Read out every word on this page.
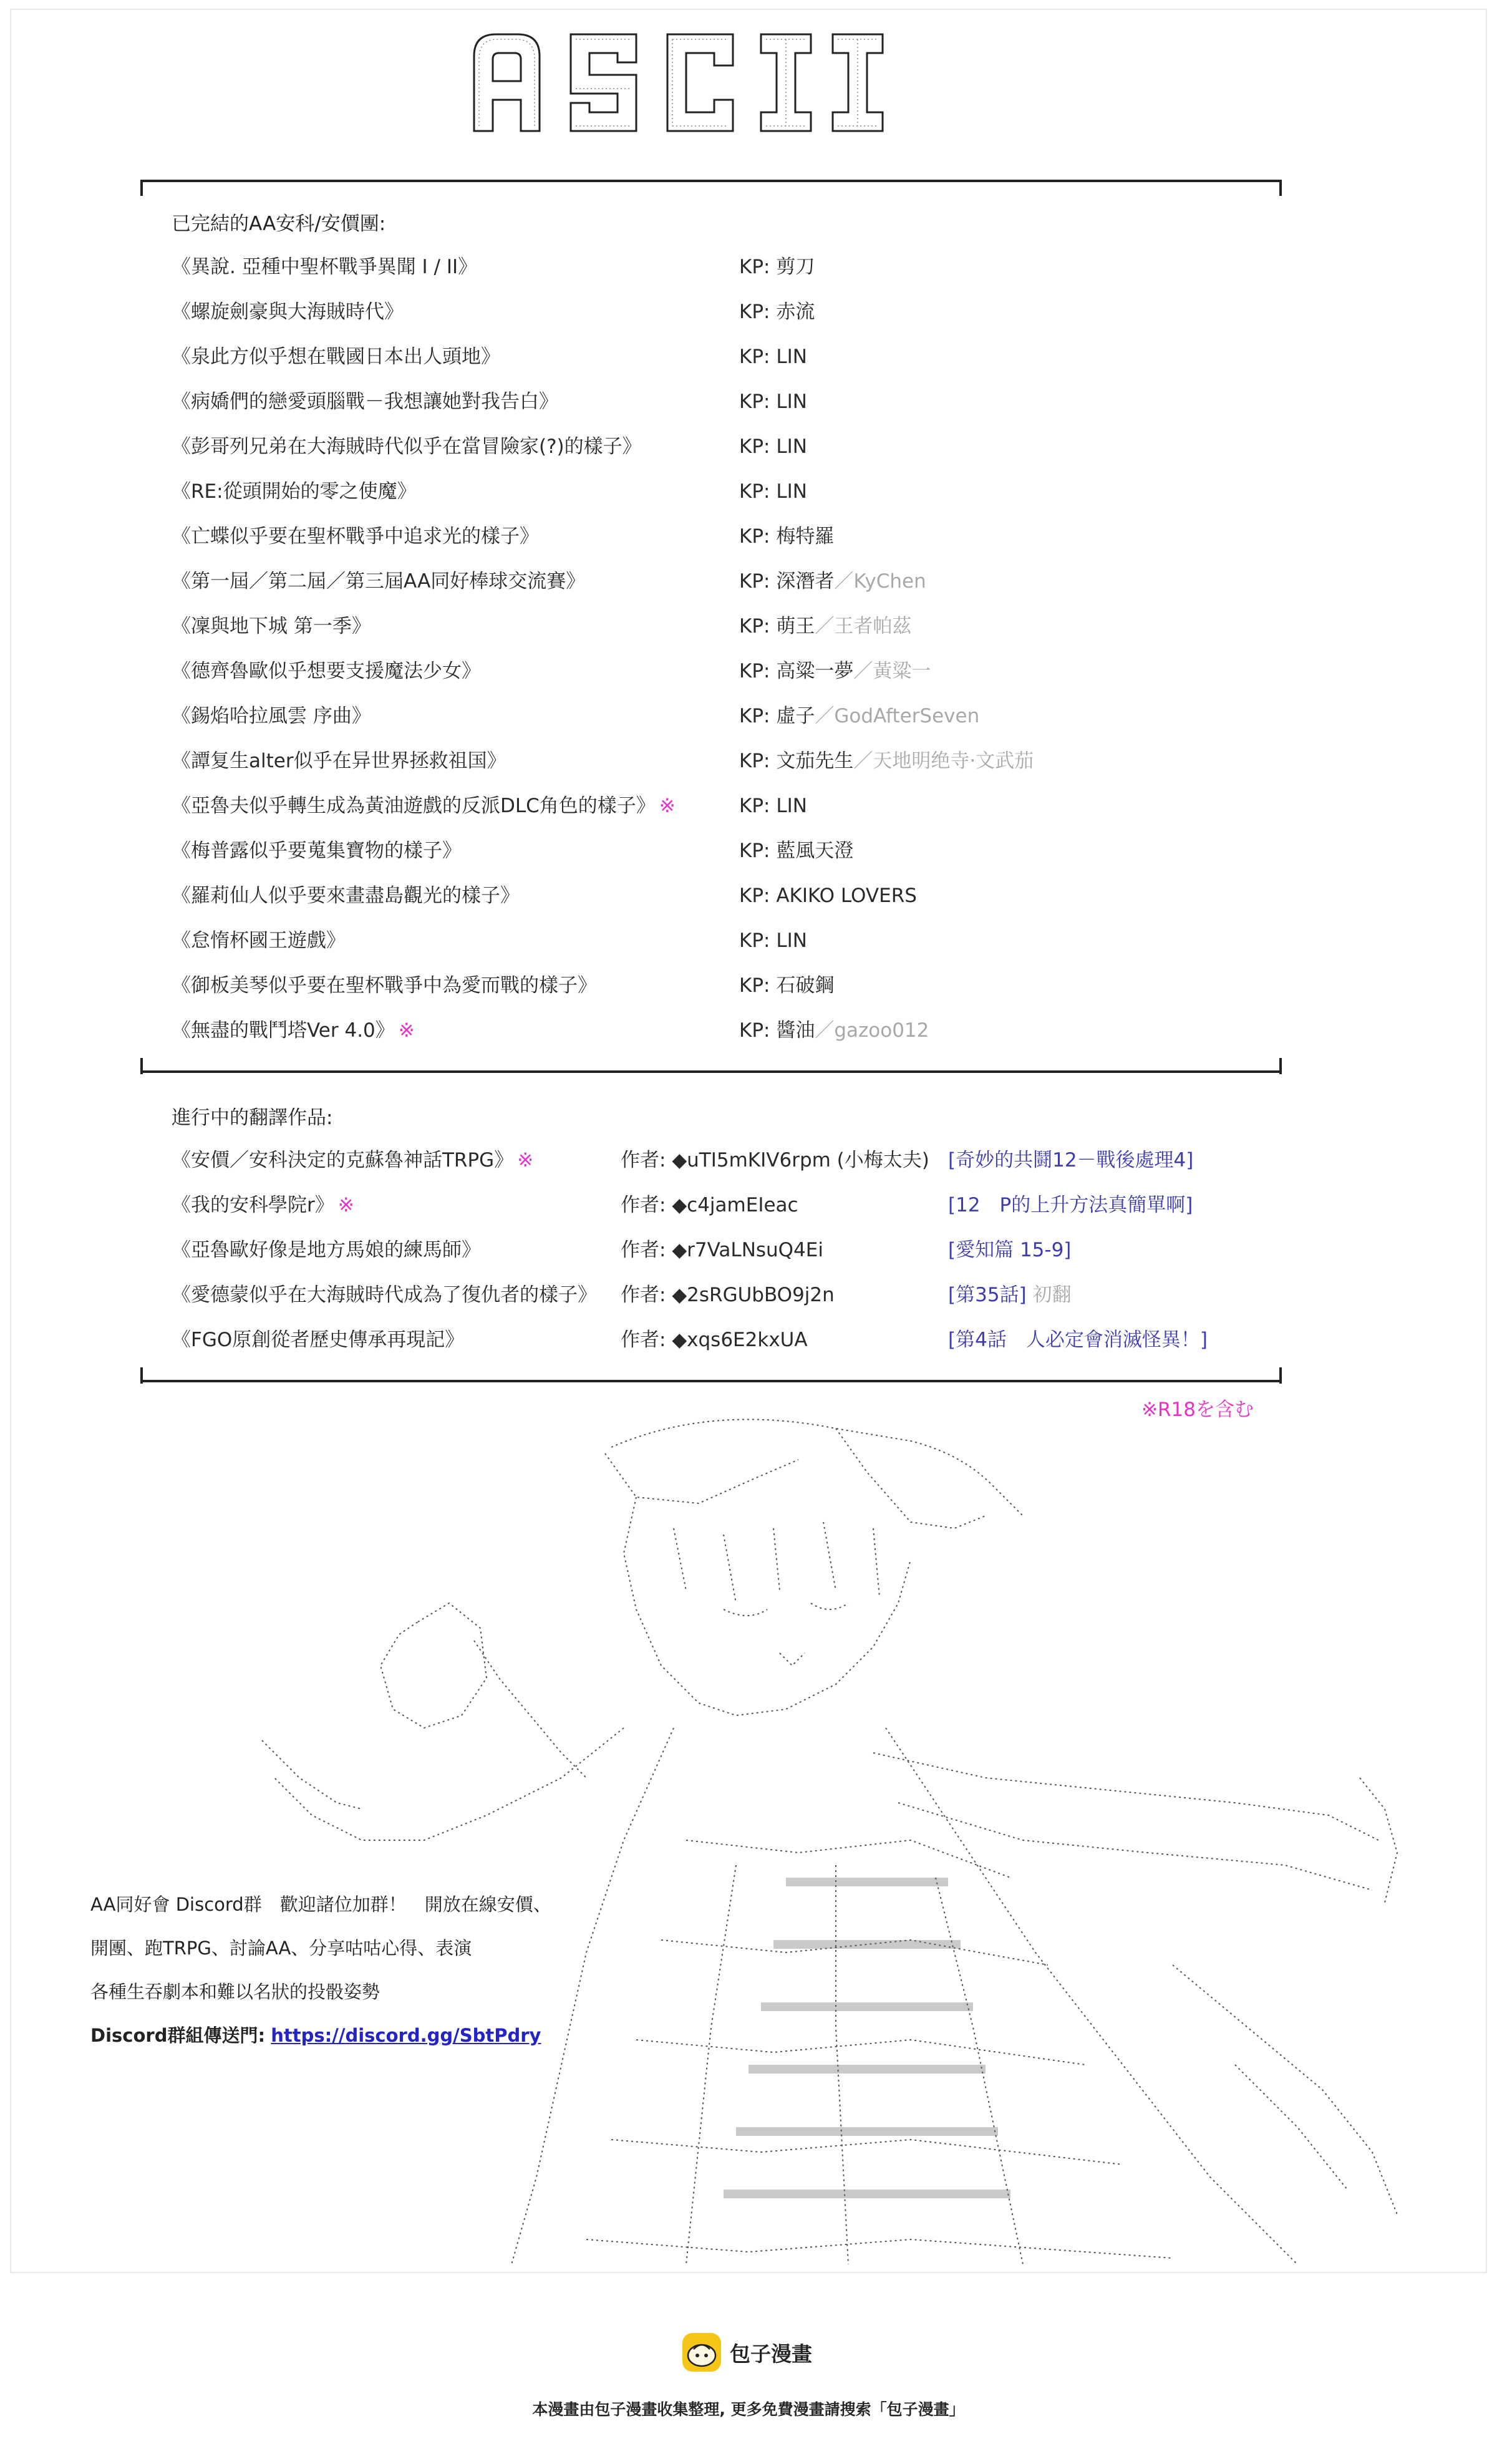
已完結的AA安科/安價團:
《異說. 亞種中聖杯戰爭異聞 I / II》	KP: 剪刀
《螺旋劍豪與大海賊時代》	KP: 赤流
《泉此方似乎想在戰國日本出人頭地》	KP: LIN
《病嬌們的戀愛頭腦戰－我想讓她對我告白》	KP: LIN
《彭哥列兄弟在大海賊時代似乎在當冒險家(?)的樣子》	KP: LIN
《RE:從頭開始的零之使魔》	KP: LIN
《亡蝶似乎要在聖杯戰爭中追求光的樣子》	KP: 梅特羅
《第一屆／第二屆／第三屆AA同好棒球交流賽》	KP: 深潛者／KyChen
《凜與地下城 第一季》	KP: 萌王／王者帕茲
《德齊魯歐似乎想要支援魔法少女》	KP: 高粱一夢／黃粱一
《錫焰哈拉風雲 序曲》	KP: 虛子／GodAfterSeven
《譚复生alter似乎在异世界拯救祖国》	KP: 文茄先生／天地明绝寺·文武茄
《亞魯夫似乎轉生成為黃油遊戲的反派DLC角色的樣子》 ※	KP: LIN
《梅普露似乎要蒐集寶物的樣子》	KP: 藍風天澄
《羅莉仙人似乎要來畫盡島觀光的樣子》	KP: AKIKO LOVERS
《怠惰杯國王遊戲》	KP: LIN
《御板美琴似乎要在聖杯戰爭中為愛而戰的樣子》	KP: 石破鋼
《無盡的戰鬥塔Ver 4.0》 ※	KP: 醬油／gazoo012
進行中的翻譯作品:
《安價／安科決定的克蘇魯神話TRPG》 ※	作者: ◆uTI5mKIV6rpm (小梅太夫) [奇妙的共鬪12－戰後處理4]
《我的安科學院r》 ※	作者: ◆c4jamEIeac	[12　P的上升方法真簡單啊]
《亞魯歐好像是地方馬娘的練馬師》	作者: ◆r7VaLNsuQ4Ei	[愛知篇 15-9]
《愛德蒙似乎在大海賊時代成為了復仇者的樣子》 作者: ◆2sRGUbBO9j2n	[第35話] 初翻
《FGO原創從者歷史傳承再現記》	作者: ◆xqs6E2kxUA	[第4話　人必定會消滅怪異！]
※R18を含む
AA同好會 Discord群　歡迎諸位加群！　開放在線安價、
開團、跑TRPG、討論AA、分享咕咕心得、表演
各種生吞劇本和難以名狀的投骰姿勢
Discord群組傳送門: https://discord.gg/SbtPdry
包子漫畫
本漫畫由包子漫畫收集整理, 更多免費漫畫請搜索「包子漫畫」
